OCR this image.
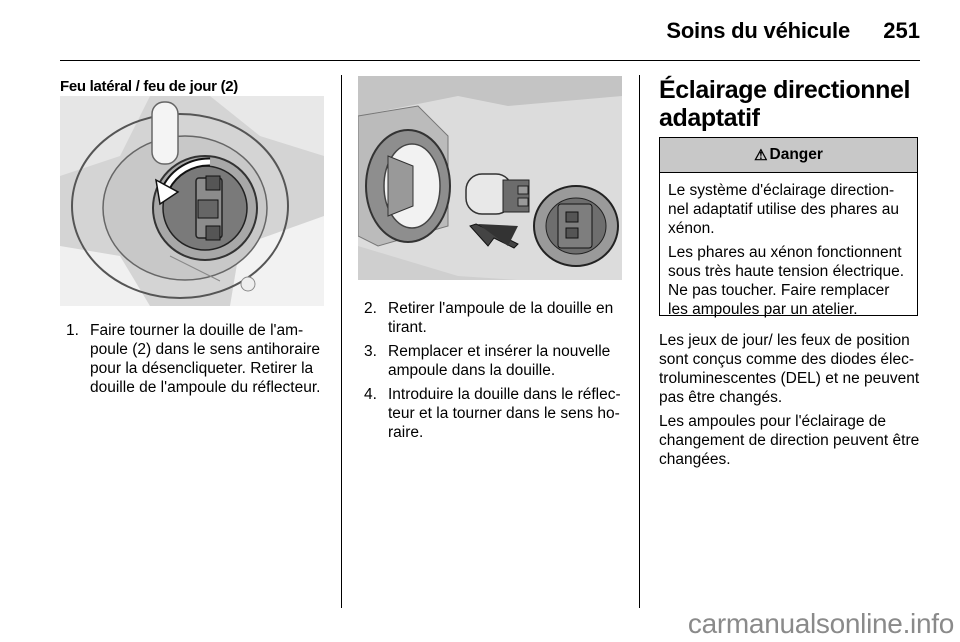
Soins du véhicule	251
Feu latéral / feu de jour (2)
1. Faire tourner la douille de l'ampoule (2) dans le sens antihoraire pour la désencliqueter. Retirer la douille de l'ampoule du réflecteur.
2. Retirer l'ampoule de la douille en tirant.
3. Remplacer et insérer la nouvelle ampoule dans la douille.
4. Introduire la douille dans le réflecteur et la tourner dans le sens horaire.
Éclairage directionnel adaptatif
⚠ Danger

Le système d'éclairage directionnel adaptatif utilise des phares au xénon.

Les phares au xénon fonctionnent sous très haute tension électrique. Ne pas toucher. Faire remplacer les ampoules par un atelier.

Les jeux de jour/ les feux de position sont conçus comme des diodes électroluminescentes (DEL) et ne peuvent pas être changés.

Les ampoules pour l'éclairage de changement de direction peuvent être changées.

carmanualsonline.info
